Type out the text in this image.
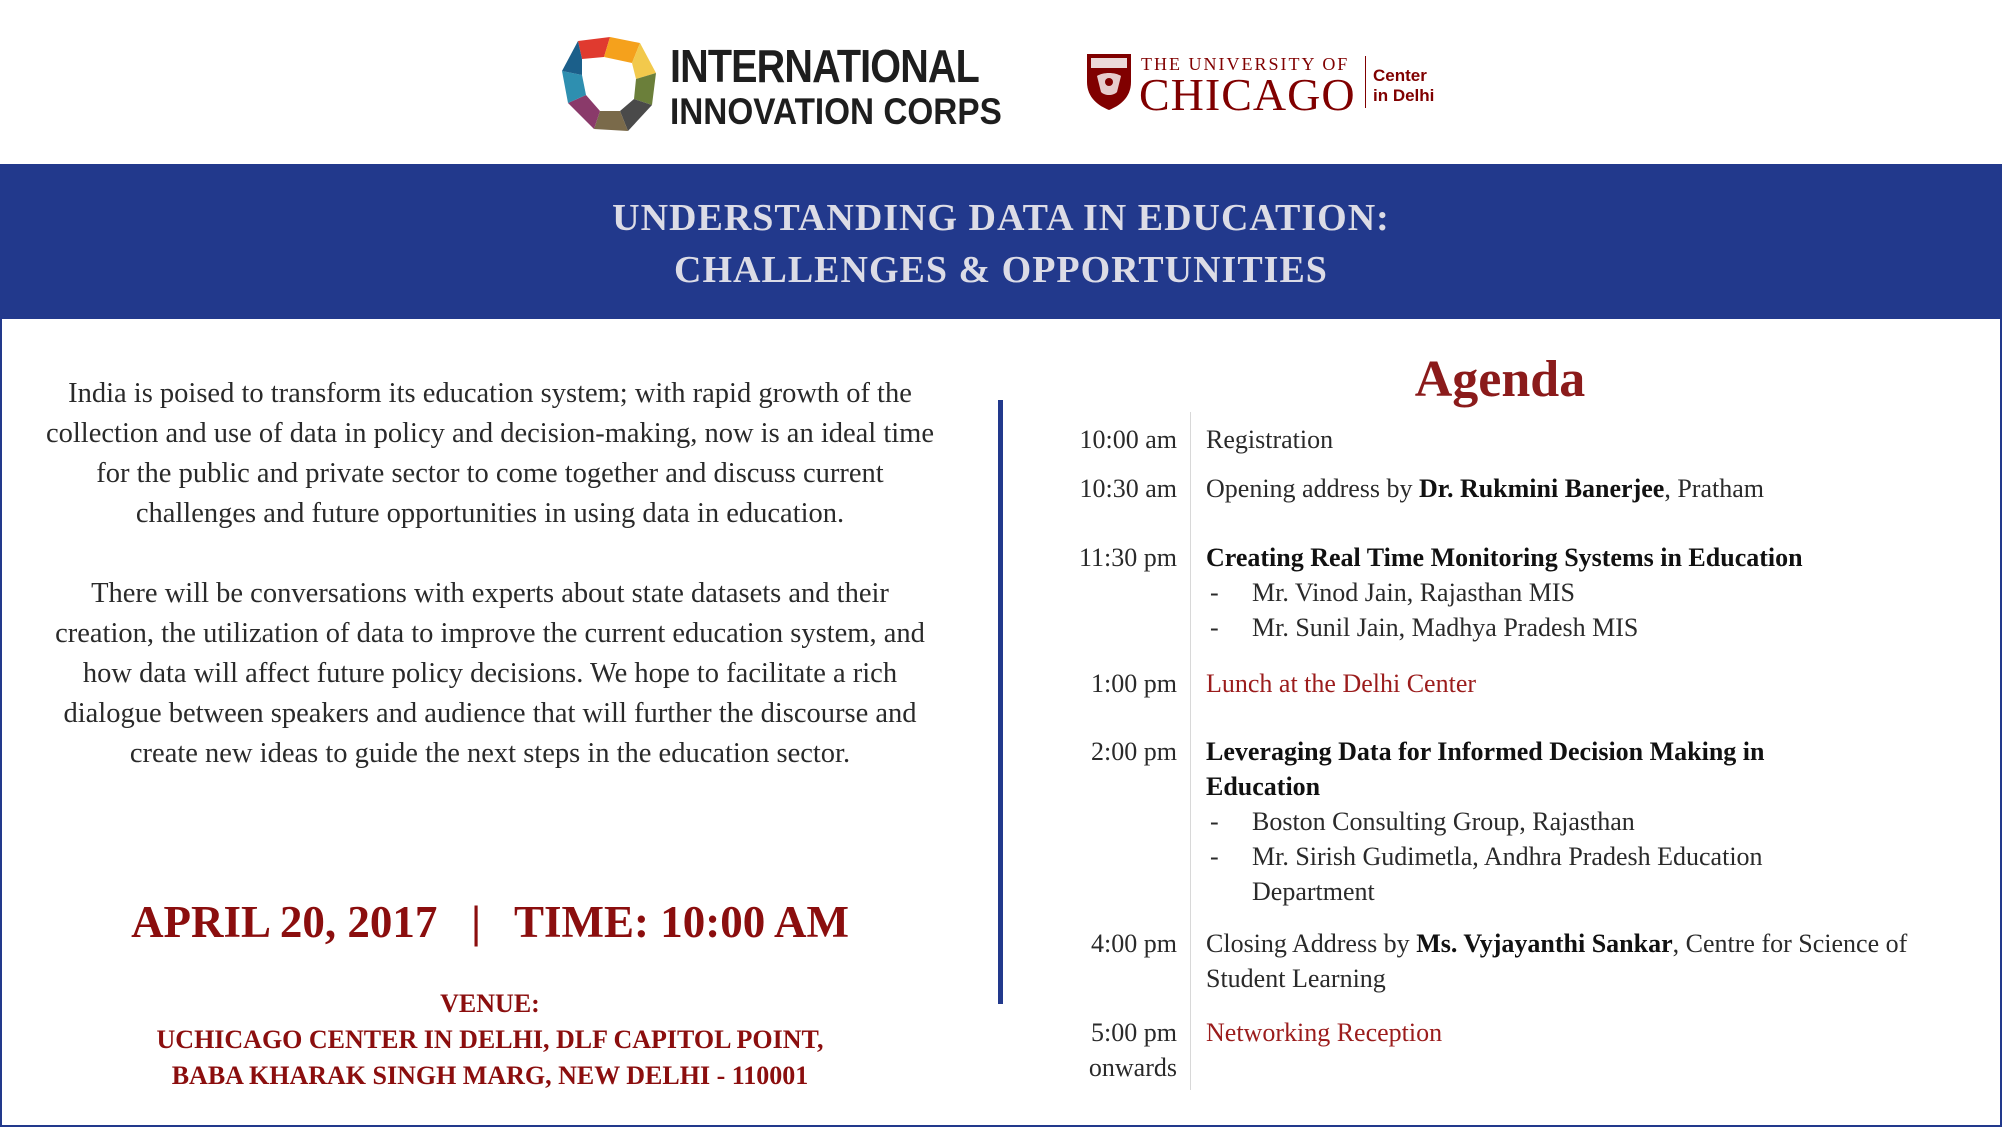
INTERNATIONAL
INNOVATION CORPS
THE UNIVERSITY OF
CHICAGO Center
in Delhi
UNDERSTANDING DATA IN EDUCATION:
CHALLENGES & OPPORTUNITIES

India is poised to transform its education system; with rapid growth of the collection and use of data in policy and decision-making, now is an ideal time for the public and private sector to come together and discuss current challenges and future opportunities in using data in education.

There will be conversations with experts about state datasets and their creation, the utilization of data to improve the current education system, and how data will affect future policy decisions. We hope to facilitate a rich dialogue between speakers and audience that will further the discourse and create new ideas to guide the next steps in the education sector.

APRIL 20, 2017 | TIME: 10:00 AM
VENUE:
UCHICAGO CENTER IN DELHI, DLF CAPITOL POINT,
BABA KHARAK SINGH MARG, NEW DELHI - 110001
Agenda
10:00 am Registration
10:30 am Opening address by Dr. Rukmini Banerjee, Pratham
11:30 pm Creating Real Time Monitoring Systems in Education
- Mr. Vinod Jain, Rajasthan MIS
- Mr. Sunil Jain, Madhya Pradesh MIS
1:00 pm Lunch at the Delhi Center
2:00 pm Leveraging Data for Informed Decision Making in Education
- Boston Consulting Group, Rajasthan
- Mr. Sirish Gudimetla, Andhra Pradesh Education Department
4:00 pm Closing Address by Ms. Vyjayanthi Sankar, Centre for Science of Student Learning
5:00 pm onwards
Networking Reception
